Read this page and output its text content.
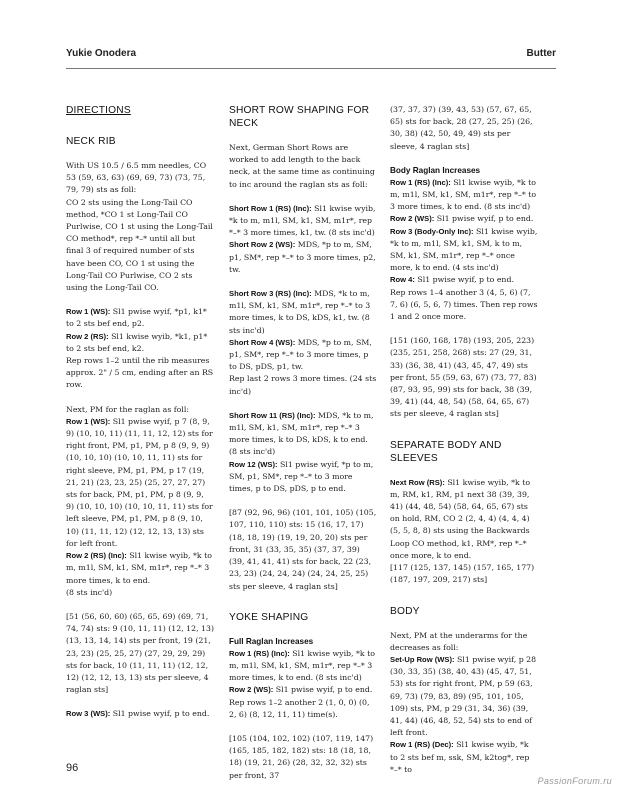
Yukie Onodera	Butter
DIRECTIONS
NECK RIB

With US 10.5 / 6.5 mm needles, CO 53 (59, 63, 63) (69, 69, 73) (73, 75, 79, 79) sts as foll:

CO 2 sts using the Long-Tail CO method, *CO 1 st Long-Tail CO Purlwise, CO 1 st using the Long-Tail CO method*, rep *–* until all but final 3 of required number of sts have been CO, CO 1 st using the Long-Tail CO Purlwise, CO 2 sts using the Long-Tail CO.

Row 1 (WS): Sl1 pwise wyif, *p1, k1* to 2 sts bef end, p2.

Row 2 (RS): Sl1 kwise wyib, *k1, p1* to 2 sts bef end, k2.

Rep rows 1–2 until the rib measures approx. 2" / 5 cm, ending after an RS row.

Next, PM for the raglan as foll:

Row 1 (WS): Sl1 pwise wyif, p 7 (8, 9, 9) (10, 10, 11) (11, 11, 12, 12) sts for right front, PM, p1, PM, p 8 (9, 9, 9) (10, 10, 10) (10, 10, 11, 11) sts for right sleeve, PM, p1, PM, p 17 (19, 21, 21) (23, 23, 25) (25, 27, 27, 27) sts for back, PM, p1, PM, p 8 (9, 9, 9) (10, 10, 10) (10, 10, 11, 11) sts for left sleeve, PM, p1, PM, p 8 (9, 10, 10) (11, 11, 12) (12, 12, 13, 13) sts for left front.

Row 2 (RS) (Inc): Sl1 kwise wyib, *k to m, m1l, SM, k1, SM, m1r*, rep *–* 3 more times, k to end.

(8 sts inc'd)

[51 (56, 60, 60) (65, 65, 69) (69, 71, 74, 74) sts: 9 (10, 11, 11) (12, 12, 13) (13, 13, 14, 14) sts per front, 19 (21, 23, 23) (25, 25, 27) (27, 29, 29, 29) sts for back, 10 (11, 11, 11) (12, 12, 12) (12, 12, 13, 13) sts per sleeve, 4 raglan sts]

Row 3 (WS): Sl1 pwise wyif, p to end.

SHORT ROW SHAPING FOR NECK

Next, German Short Rows are worked to add length to the back neck, at the same time as continuing to inc around the raglan sts as foll:

Short Row 1 (RS) (Inc): Sl1 kwise wyib, *k to m, m1l, SM, k1, SM, m1r*, rep *–* 3 more times, k1, tw. (8 sts inc'd)

Short Row 2 (WS): MDS, *p to m, SM, p1, SM*, rep *–* to 3 more times, p2, tw.

Short Row 3 (RS) (Inc): MDS, *k to m, m1l, SM, k1, SM, m1r*, rep *–* to 3 more times, k to DS, kDS, k1, tw. (8 sts inc'd)

Short Row 4 (WS): MDS, *p to m, SM, p1, SM*, rep *–* to 3 more times, p to DS, pDS, p1, tw.

Rep last 2 rows 3 more times. (24 sts inc'd)

Short Row 11 (RS) (Inc): MDS, *k to m, m1l, SM, k1, SM, m1r*, rep *–* 3 more times, k to DS, kDS, k to end. (8 sts inc'd)

Row 12 (WS): Sl1 pwise wyif, *p to m, SM, p1, SM*, rep *–* to 3 more times, p to DS, pDS, p to end.

[87 (92, 96, 96) (101, 101, 105) (105, 107, 110, 110) sts: 15 (16, 17, 17) (18, 18, 19) (19, 19, 20, 20) sts per front, 31 (33, 35, 35) (37, 37, 39) (39, 41, 41, 41) sts for back, 22 (23, 23, 23) (24, 24, 24) (24, 24, 25, 25) sts per sleeve, 4 raglan sts]

YOKE SHAPING
Full Raglan Increases

Row 1 (RS) (Inc): Sl1 kwise wyib, *k to m, m1l, SM, k1, SM, m1r*, rep *–* 3 more times, k to end. (8 sts inc'd)

Row 2 (WS): Sl1 pwise wyif, p to end.

Rep rows 1–2 another 2 (1, 0, 0) (0, 2, 6) (8, 12, 11, 11) time(s).

[105 (104, 102, 102) (107, 119, 147) (165, 185, 182, 182) sts: 18 (18, 18, 18) (19, 21, 26) (28, 32, 32, 32) sts per front, 37

(37, 37, 37) (39, 43, 53) (57, 67, 65, 65) sts for back, 28 (27, 25, 25) (26, 30, 38) (42, 50, 49, 49) sts per sleeve, 4 raglan sts]

Body Raglan Increases

Row 1 (RS) (Inc): Sl1 kwise wyib, *k to m, m1l, SM, k1, SM, m1r*, rep *–* to 3 more times, k to end. (8 sts inc'd)

Row 2 (WS): Sl1 pwise wyif, p to end.

Row 3 (Body-Only Inc): Sl1 kwise wyib, *k to m, m1l, SM, k1, SM, k to m, SM, k1, SM, m1r*, rep *–* once more, k to end. (4 sts inc'd)

Row 4: Sl1 pwise wyif, p to end.

Rep rows 1–4 another 3 (4, 5, 6) (7, 7, 6) (6, 5, 6, 7) times. Then rep rows 1 and 2 once more.

[151 (160, 168, 178) (193, 205, 223) (235, 251, 258, 268) sts: 27 (29, 31, 33) (36, 38, 41) (43, 45, 47, 49) sts per front, 55 (59, 63, 67) (73, 77, 83) (87, 93, 95, 99) sts for back, 38 (39, 39, 41) (44, 48, 54) (58, 64, 65, 67) sts per sleeve, 4 raglan sts]

SEPARATE BODY AND SLEEVES

Next Row (RS): Sl1 kwise wyib, *k to m, RM, k1, RM, p1 next 38 (39, 39, 41) (44, 48, 54) (58, 64, 65, 67) sts on hold, RM, CO 2 (2, 4, 4) (4, 4, 4) (5, 5, 8, 8) sts using the Backwards Loop CO method, k1, RM*, rep *–* once more, k to end.

[117 (125, 137, 145) (157, 165, 177) (187, 197, 209, 217) sts]

BODY

Next, PM at the underarms for the decreases as foll:

Set-Up Row (WS): Sl1 pwise wyif, p 28 (30, 33, 35) (38, 40, 43) (45, 47, 51, 53) sts for right front, PM, p 59 (63, 69, 73) (79, 83, 89) (95, 101, 105, 109) sts, PM, p 29 (31, 34, 36) (39, 41, 44) (46, 48, 52, 54) sts to end of left front.

Row 1 (RS) (Dec): Sl1 kwise wyib, *k to 2 sts bef m, ssk, SM, k2tog*, rep *–* to

96
PassionForum.ru
